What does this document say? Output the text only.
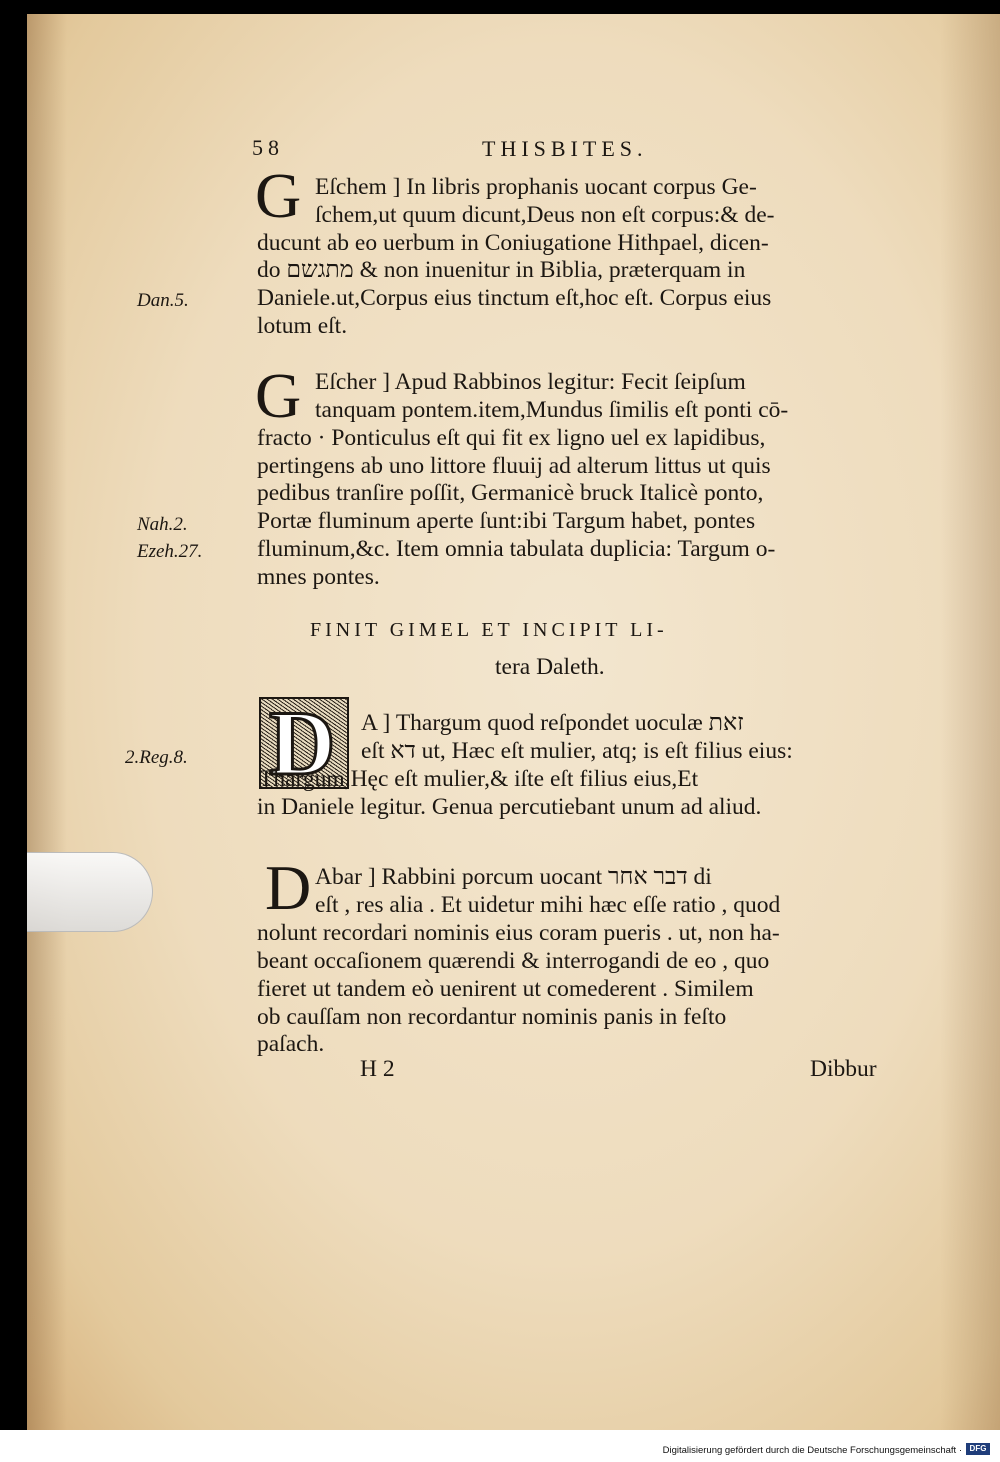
58	THISBITES.
G Eſchem ] In libris prophanis uocant corpus Ge-
ſchem,ut quum dicunt,Deus non eſt corpus:& de-
ducunt ab eo uerbum in Coniugatione Hithpael, dicen-
do מתגשם & non inuenitur in Biblia, præterquam in
Daniele.ut,Corpus eius tinctum eſt,hoc eſt. Corpus eius
lotum eſt.
Dan.5.
G Eſcher ] Apud Rabbinos legitur: Fecit ſeipſum
tanquam pontem.item,Mundus ſimilis eſt ponti cō-
fracto · Ponticulus eſt qui fit ex ligno uel ex lapidibus,
pertingens ab uno littore fluuij ad alterum littus ut quis
pedibus tranſire poſſit, Germanicè bruck Italicè ponto,
Portæ fluminum aperte ſunt:ibi Targum habet, pontes
fluminum,&c. Item omnia tabulata duplicia: Targum o-
mnes pontes.
Nah.2.
Ezeh.27.
FINIT GIMEL ET INCIPIT LI-
tera Daleth.
D A ] Thargum quod reſpondet uoculæ זאת
eſt דא ut, Hæc eſt mulier, atq; is eſt filius eius:
Thargum,Hęc eſt mulier,& iſte eſt filius eius,Et
in Daniele legitur. Genua percutiebant unum ad aliud.
2.Reg.8.
D Abar ] Rabbini porcum uocant דבר אחר di
eſt , res alia . Et uidetur mihi hæc eſſe ratio , quod
nolunt recordari nominis eius coram pueris . ut, non ha-
beant occaſionem quærendi & interrogandi de eo , quo
fieret ut tandem eò uenirent ut comederent . Similem
ob cauſſam non recordantur nominis panis in feſto
paſach.
H 2	Dibbur
Digitalisierung gefördert durch die Deutsche Forschungsgemeinschaft · DFG
